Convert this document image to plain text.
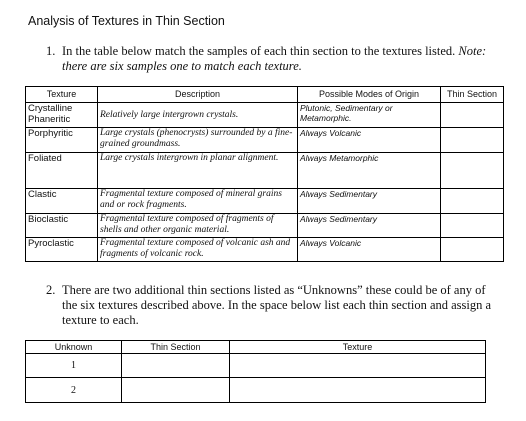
Analysis of Textures in Thin Section
1. In the table below match the samples of each thin section to the textures listed. Note: there are six samples one to match each texture.
Texture	Description	Possible Modes of Origin	Thin Section
Crystalline Phaneritic	Relatively large intergrown crystals.	Plutonic, Sedimentary or Metamorphic.	
Porphyritic	Large crystals (phenocrysts) surrounded by a fine-grained groundmass.	Always Volcanic	
Foliated	Large crystals intergrown in planar alignment.	Always Metamorphic	
Clastic	Fragmental texture composed of mineral grains and or rock fragments.	Always Sedimentary	
Bioclastic	Fragmental texture composed of fragments of shells and other organic material.	Always Sedimentary	
Pyroclastic	Fragmental texture composed of volcanic ash and fragments of volcanic rock.	Always Volcanic	
2. There are two additional thin sections listed as “Unknowns” these could be of any of the six textures described above. In the space below list each thin section and assign a texture to each.
Unknown	Thin Section	Texture
1		
2		
